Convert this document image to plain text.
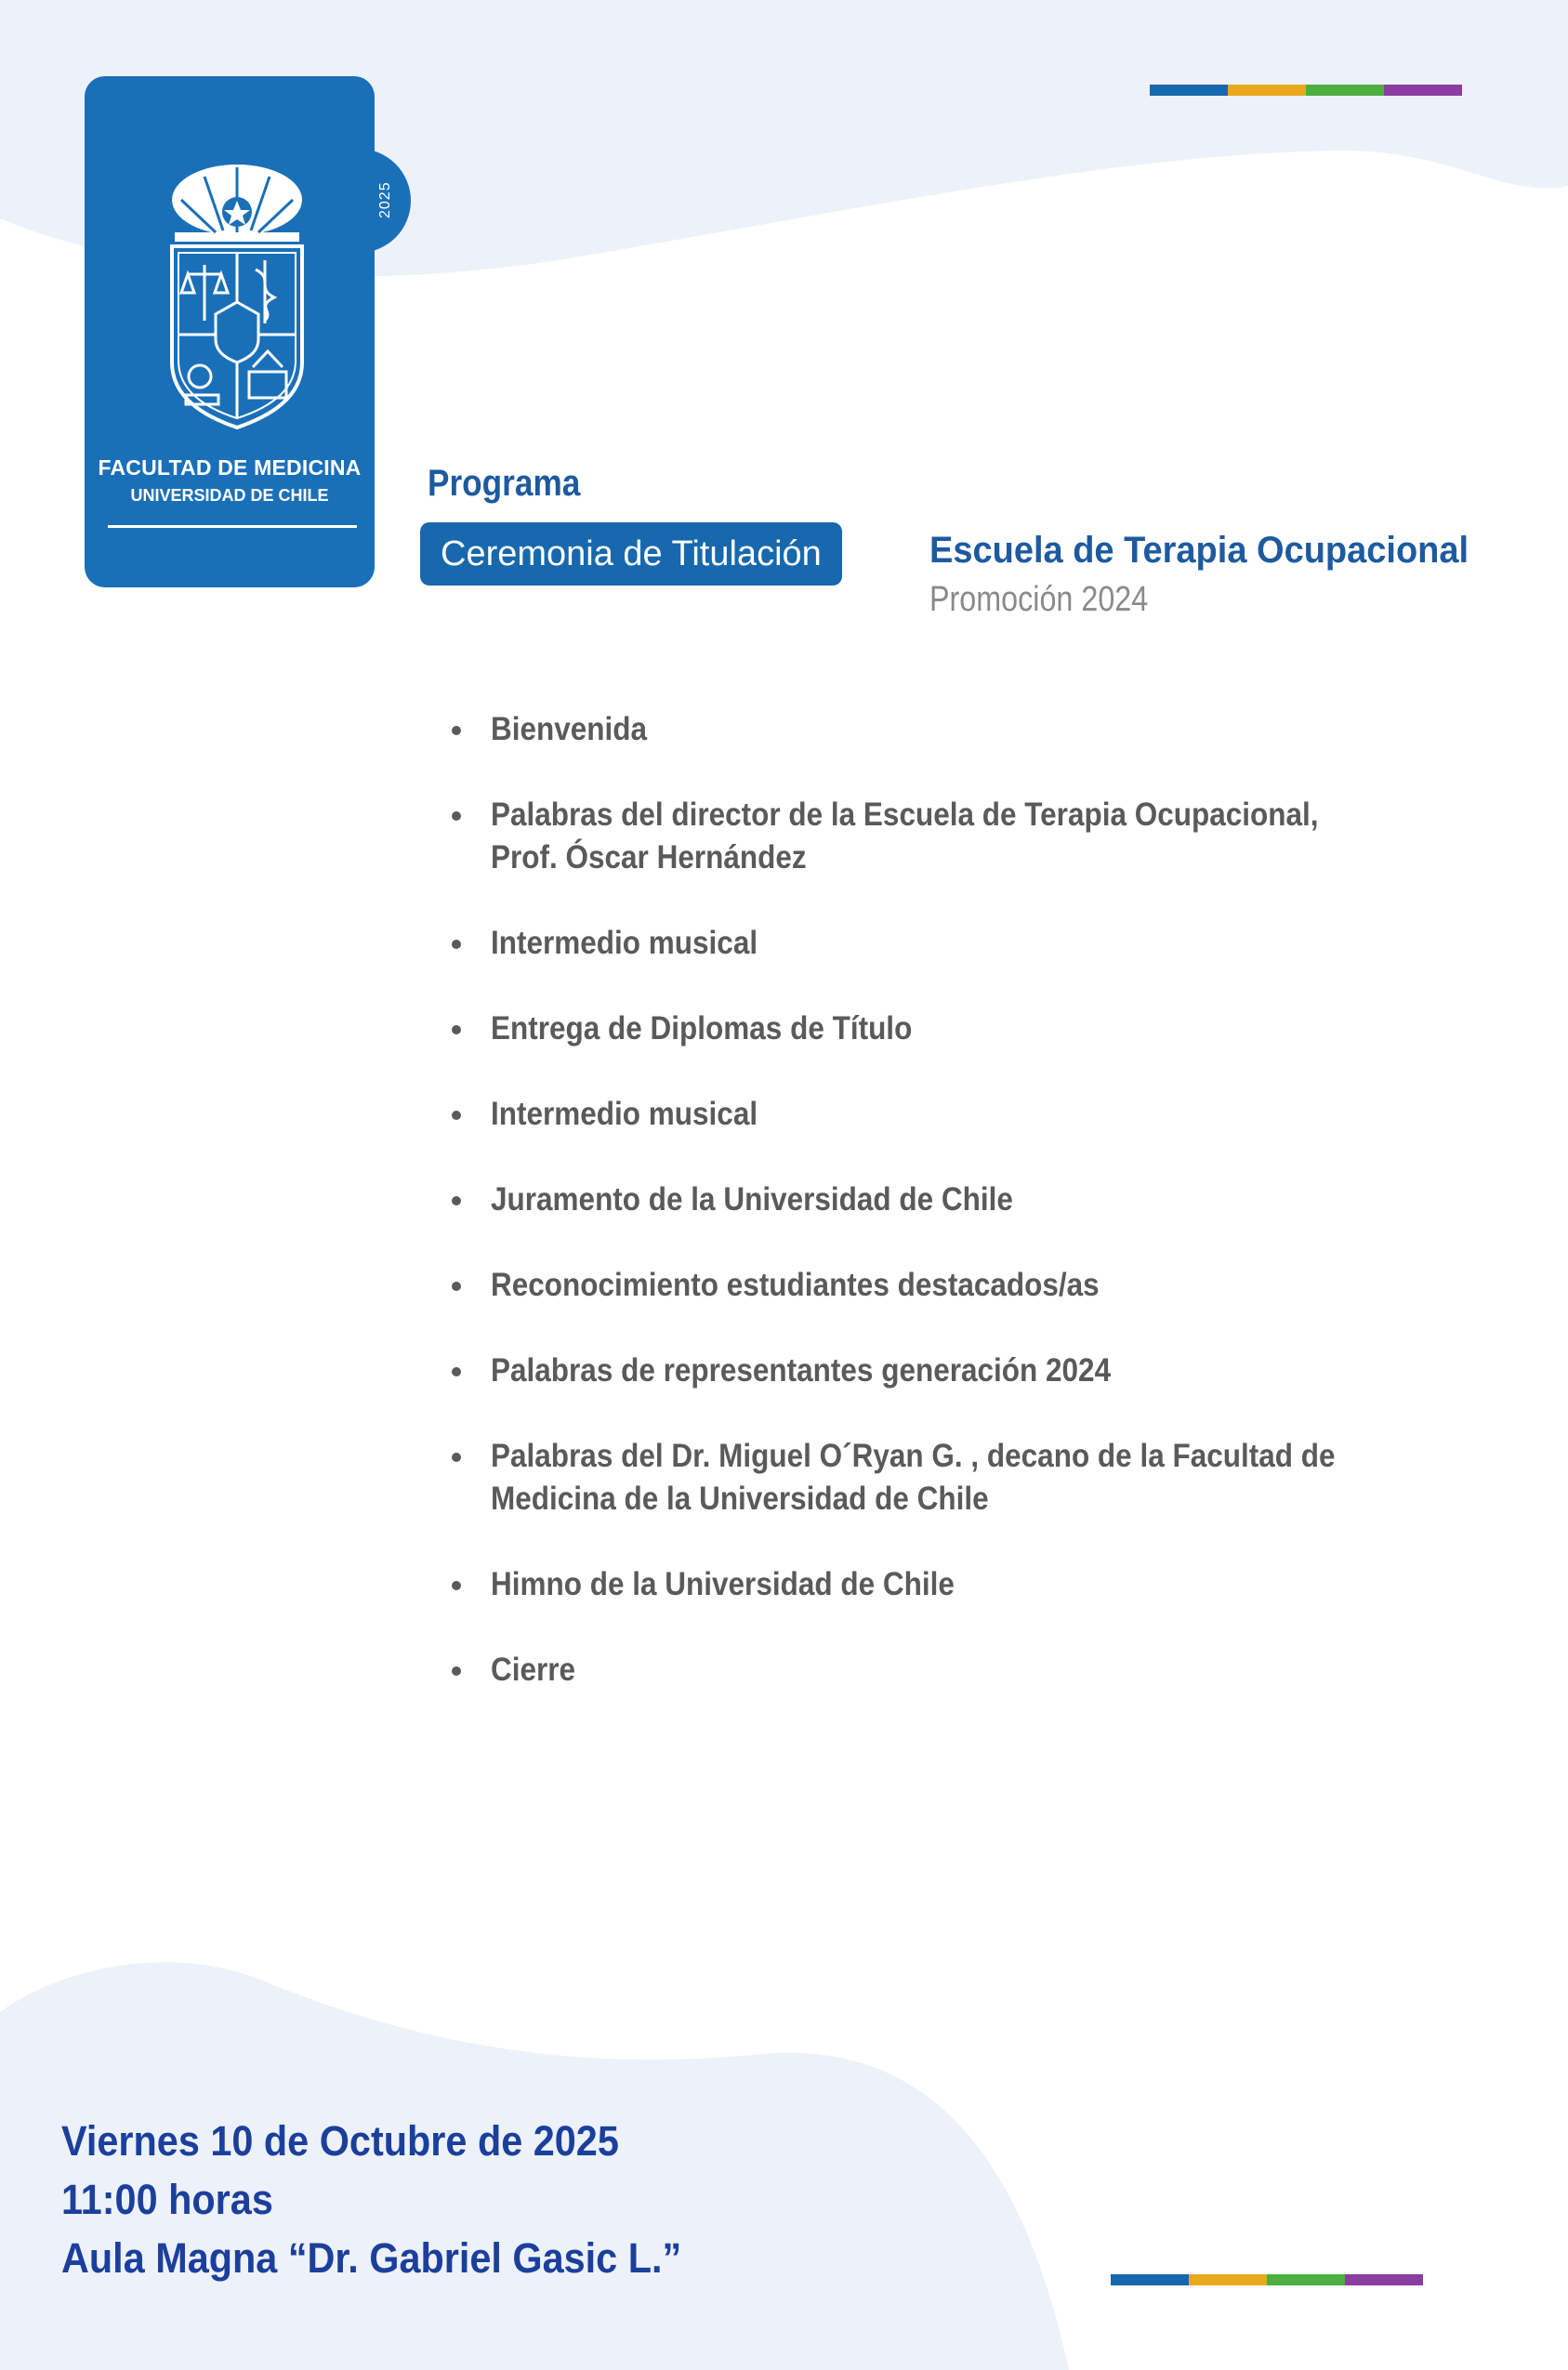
2025
FACULTAD DE MEDICINA
UNIVERSIDAD DE CHILE	Programa
Ceremonia de Titulación	Escuela de Terapia Ocupacional
Promoción 2024
Bienvenida
Palabras del director de la Escuela de Terapia Ocupacional,
Prof. Óscar Hernández
Intermedio musical
Entrega de Diplomas de Título
Intermedio musical
Juramento de la Universidad de Chile
Reconocimiento estudiantes destacados/as
Palabras de representantes generación 2024
Palabras del Dr. Miguel O´Ryan G. , decano de la Facultad de
Medicina de la Universidad de Chile
Himno de la Universidad de Chile
Cierre
Viernes 10 de Octubre de 2025
11:00 horas
Aula Magna “Dr. Gabriel Gasic L.”
